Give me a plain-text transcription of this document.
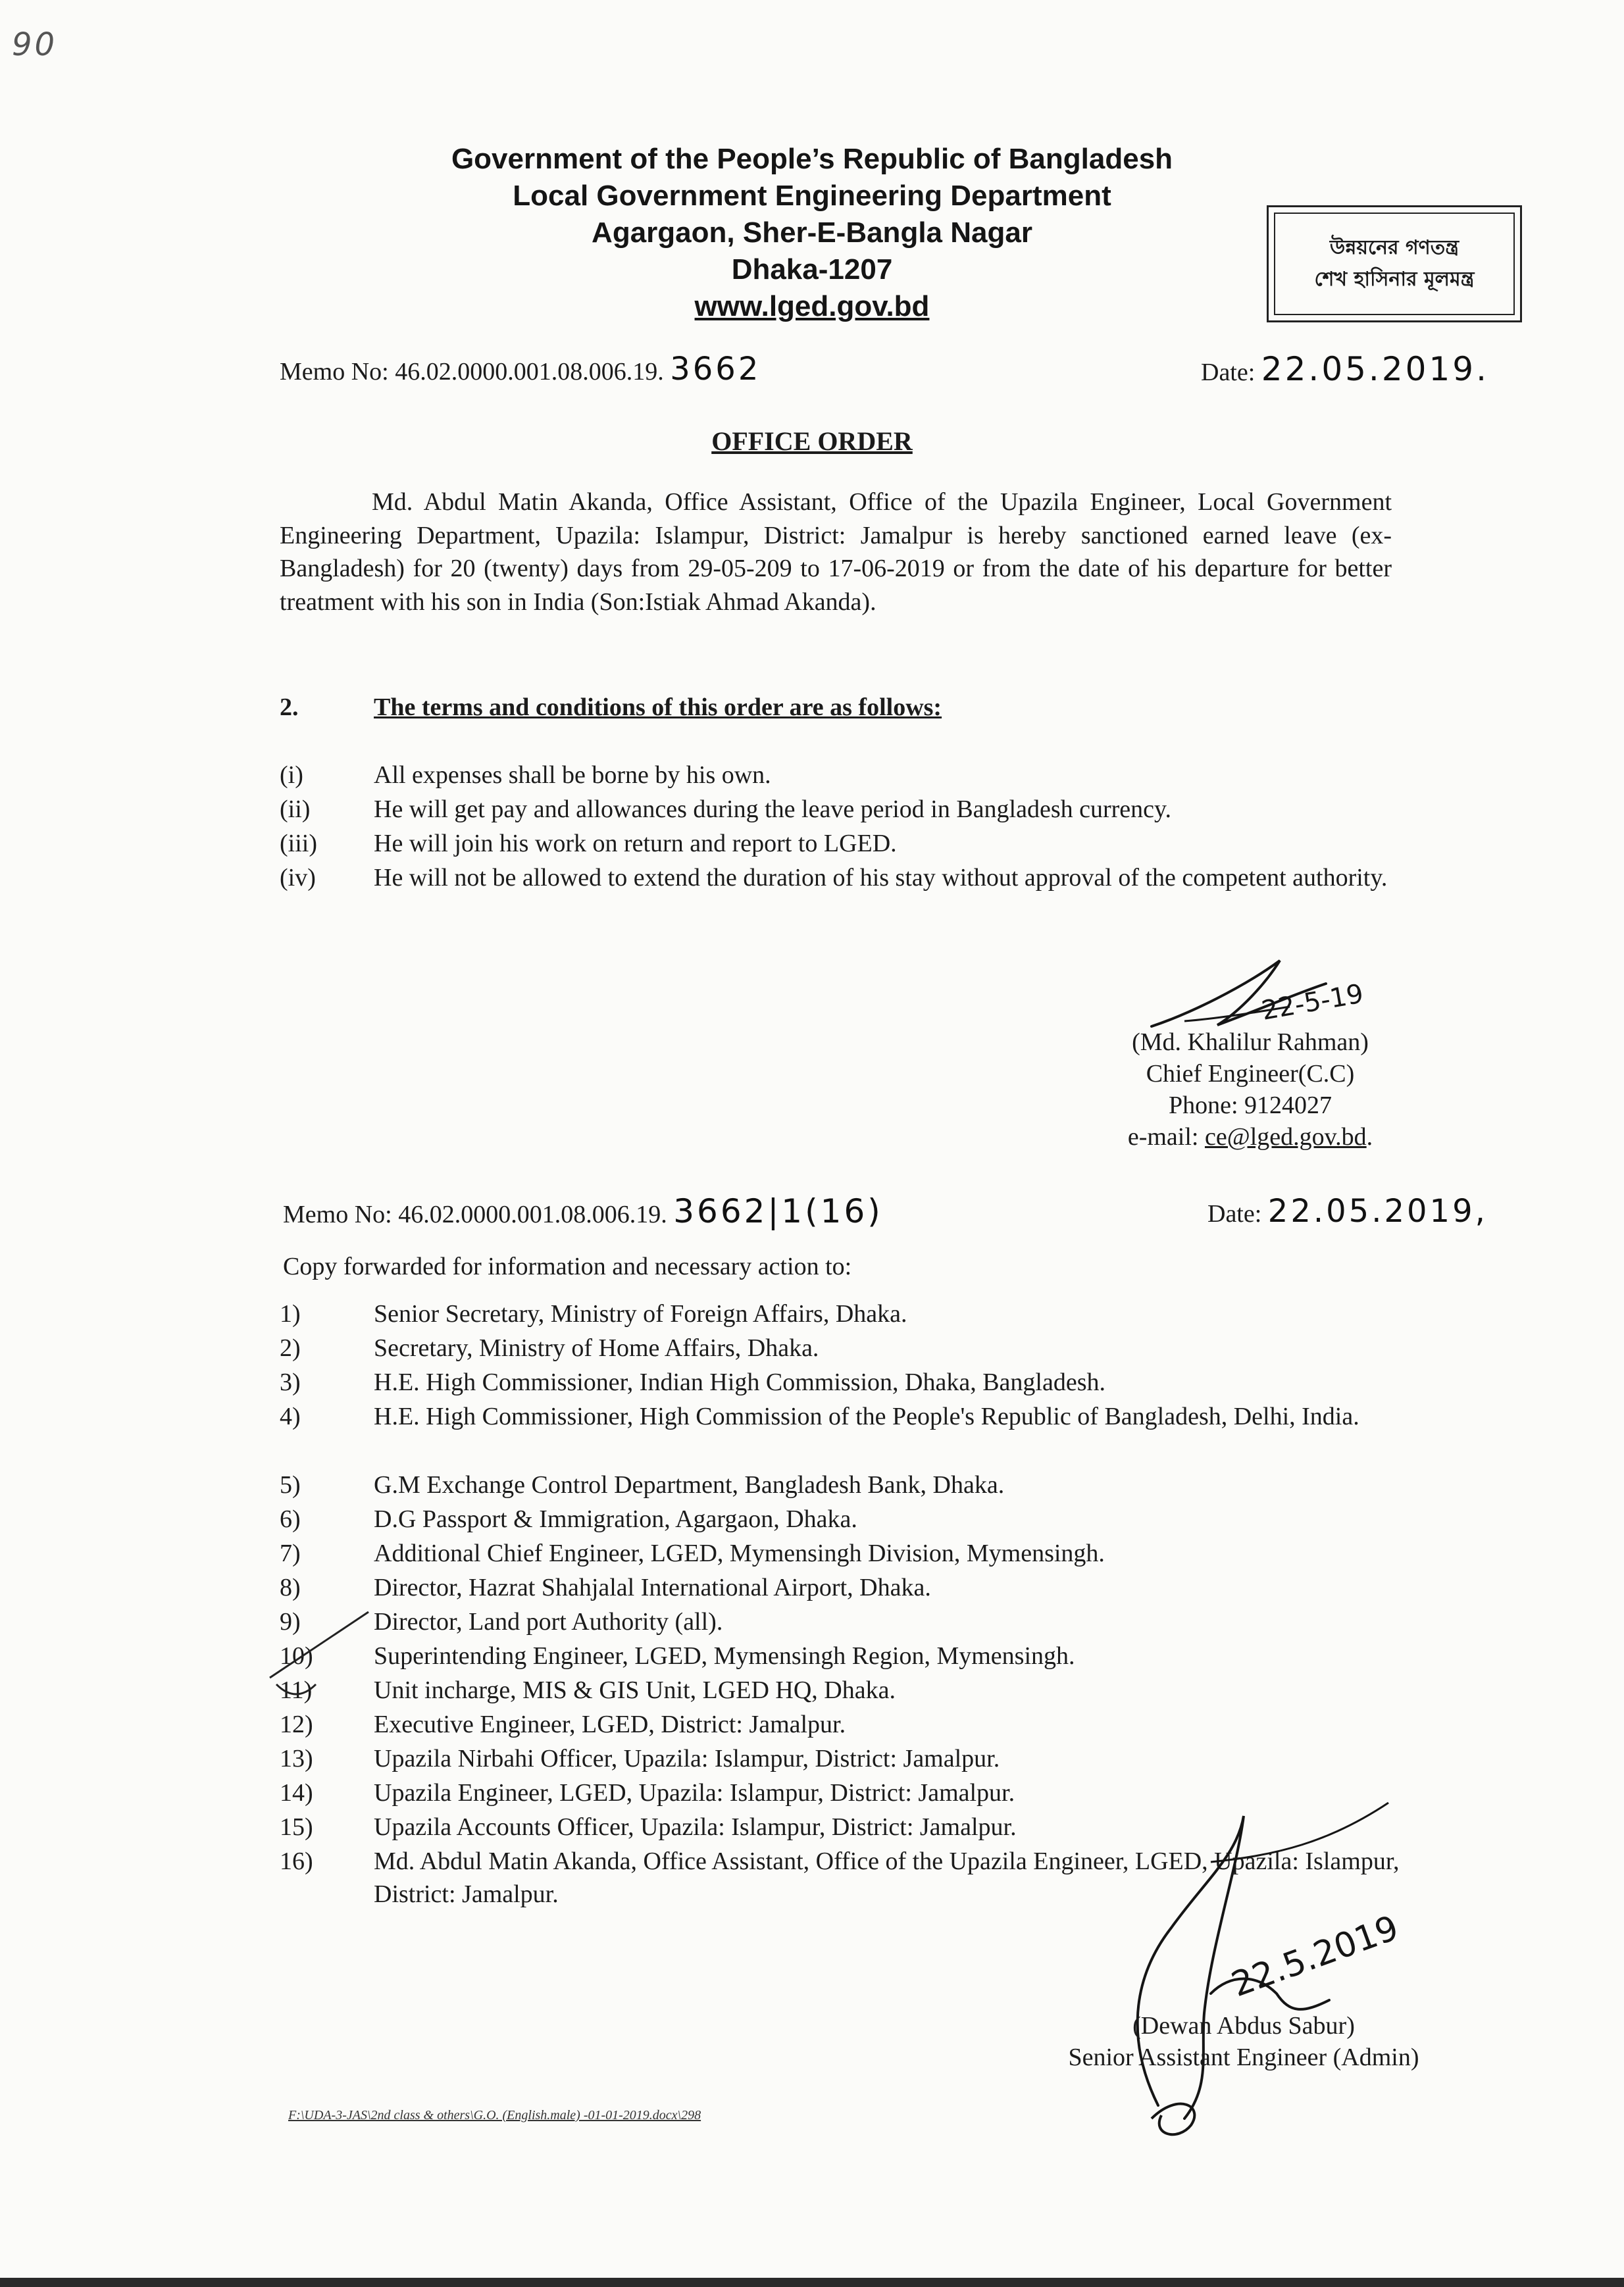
90
Government of the People’s Republic of Bangladesh
Local Government Engineering Department
Agargaon, Sher-E-Bangla Nagar
Dhaka-1207
www.lged.gov.bd
উন্নয়নের গণতন্ত্র
শেখ হাসিনার মূলমন্ত্র
Memo No: 46.02.0000.001.08.006.19. 3662	Date: 22.05.2019.
OFFICE ORDER
Md. Abdul Matin Akanda, Office Assistant, Office of the Upazila Engineer, Local Government Engineering Department, Upazila: Islampur, District: Jamalpur is hereby sanctioned earned leave (ex-Bangladesh) for 20 (twenty) days from 29-05-209 to 17-06-2019 or from the date of his departure for better treatment with his son in India (Son:Istiak Ahmad Akanda).
2.	The terms and conditions of this order are as follows:
(i)	All expenses shall be borne by his own.
(ii)	He will get pay and allowances during the leave period in Bangladesh currency.
(iii) He will join his work on return and report to LGED.
(iv) He will not be allowed to extend the duration of his stay without approval of the competent authority.
22-5-19
(Md. Khalilur Rahman)
Chief Engineer(C.C)
Phone: 9124027
e-mail: ce@lged.gov.bd.
Memo No: 46.02.0000.001.08.006.19. 3662|1(16)	Date: 22.05.2019,
Copy forwarded for information and necessary action to:
1)	Senior Secretary, Ministry of Foreign Affairs, Dhaka.
2)	Secretary, Ministry of Home Affairs, Dhaka.
3)	H.E. High Commissioner, Indian High Commission, Dhaka, Bangladesh.
4)	H.E. High Commissioner, High Commission of the People's Republic of Bangladesh, Delhi, India.
5)	G.M Exchange Control Department, Bangladesh Bank, Dhaka.
6)	D.G Passport & Immigration, Agargaon, Dhaka.
7)	Additional Chief Engineer, LGED, Mymensingh Division, Mymensingh.
8)	Director, Hazrat Shahjalal International Airport, Dhaka.
9)	Director, Land port Authority (all).
10) Superintending Engineer, LGED, Mymensingh Region, Mymensingh.
11) Unit incharge, MIS & GIS Unit, LGED HQ, Dhaka.
12) Executive Engineer, LGED, District: Jamalpur.
13) Upazila Nirbahi Officer, Upazila: Islampur, District: Jamalpur.
14) Upazila Engineer, LGED, Upazila: Islampur, District: Jamalpur.
15) Upazila Accounts Officer, Upazila: Islampur, District: Jamalpur.
16) Md. Abdul Matin Akanda, Office Assistant, Office of the Upazila Engineer, LGED, Upazila: Islampur, District: Jamalpur.
22.5.2019
(Dewan Abdus Sabur)
Senior Assistant Engineer (Admin)
F:\UDA-3-JAS\2nd class & others\G.O. (English.male) -01-01-2019.docx\298
